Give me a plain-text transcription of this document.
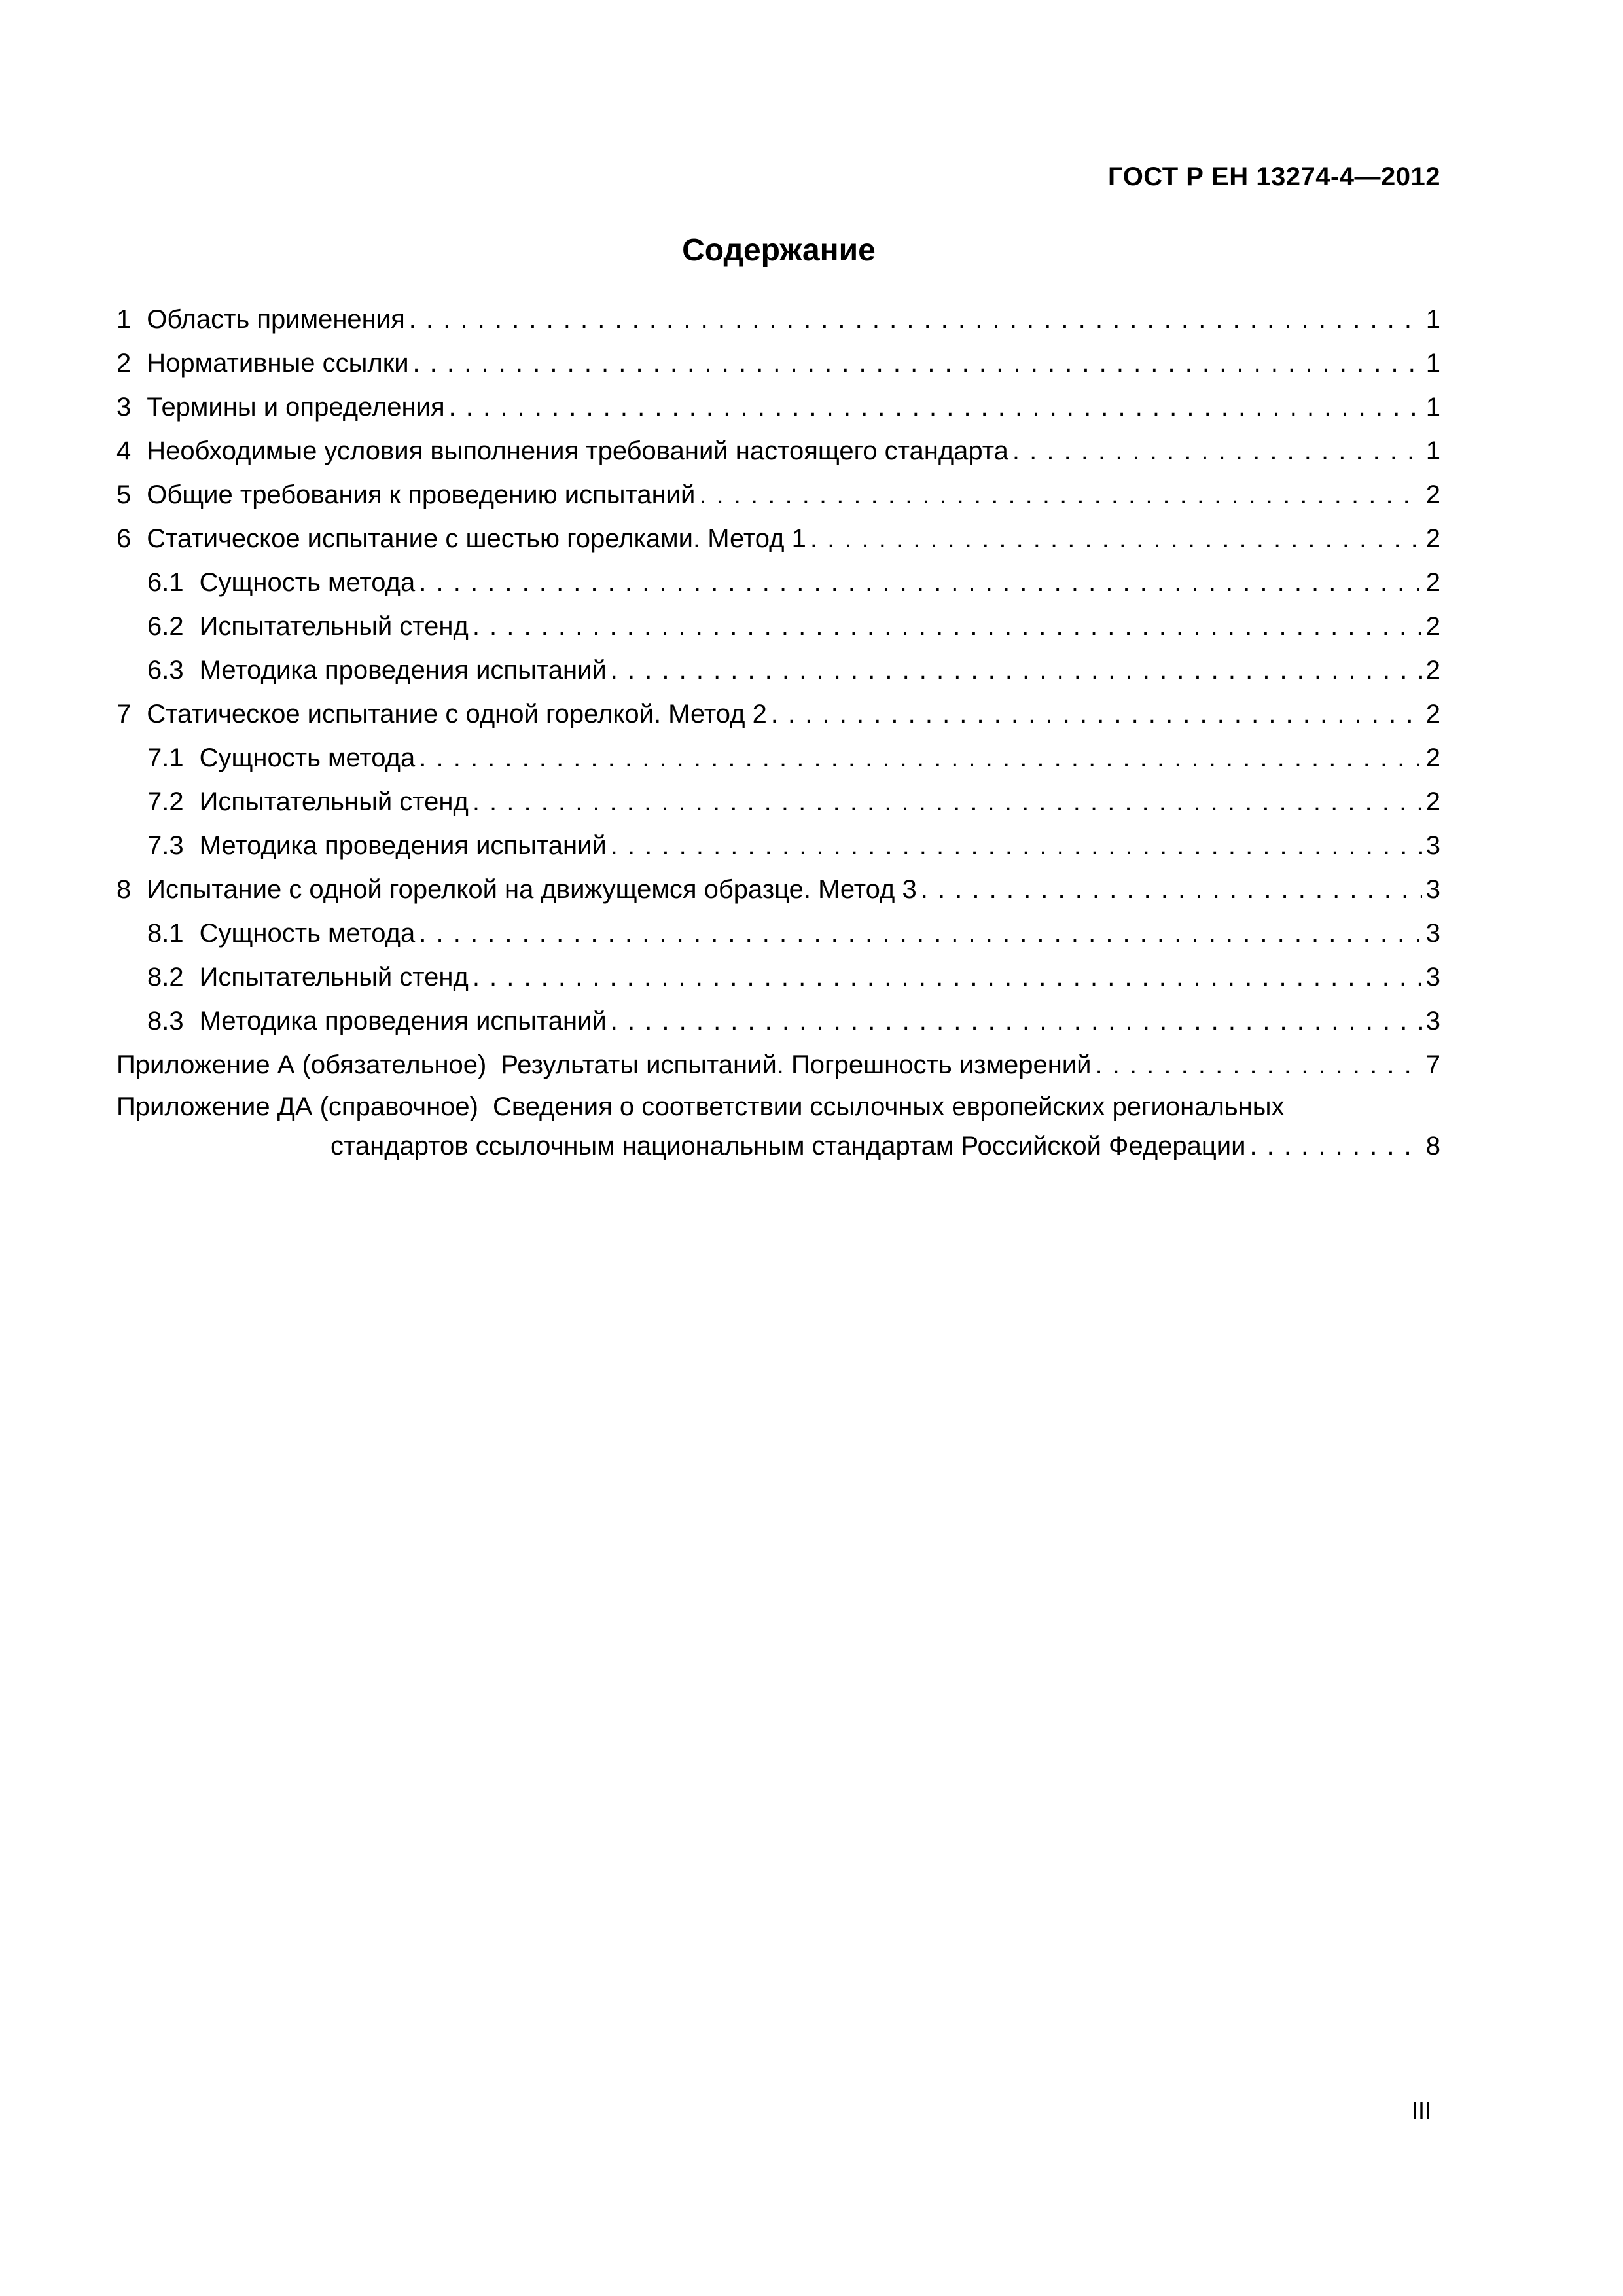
ГОСТ Р ЕН 13274-4—2012
Содержание
1 Область применения . . .	1
2 Нормативные ссылки . . .	1
3 Термины и определения . . .	1
4 Необходимые условия выполнения требований настоящего стандарта . . .	1
5 Общие требования к проведению испытаний . . .	2
6 Статическое испытание с шестью горелками. Метод 1 . . .	2
6.1 Сущность метода . . .	2
6.2 Испытательный стенд . . .	2
6.3 Методика проведения испытаний . . .	2
7 Статическое испытание с одной горелкой. Метод 2 . . .	2
7.1 Сущность метода . . .	2
7.2 Испытательный стенд . . .	2
7.3 Методика проведения испытаний . . .	3
8 Испытание с одной горелкой на движущемся образце. Метод 3 . . .	3
8.1 Сущность метода . . .	3
8.2 Испытательный стенд . . .	3
8.3 Методика проведения испытаний . . .	3
Приложение А (обязательное) Результаты испытаний. Погрешность измерений . . .	7
Приложение ДА (справочное) Сведения о соответствии ссылочных европейских региональных
стандартов ссылочным национальным стандартам Российской Федерации . . .	8
III
